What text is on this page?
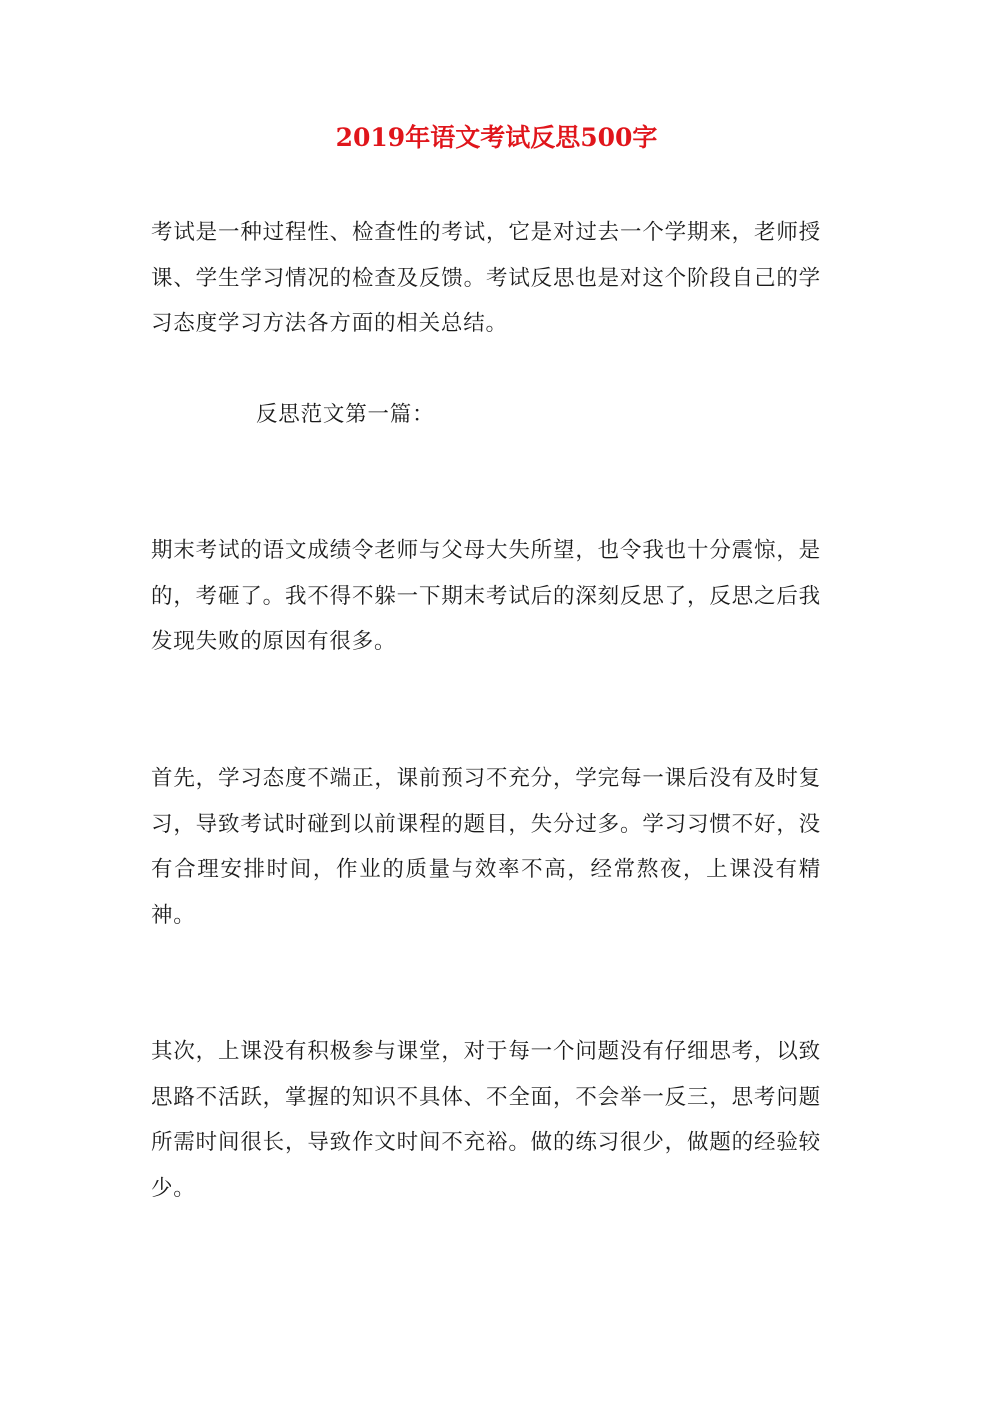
2019年语文考试反思500字

考试是一种过程性、检查性的考试，它是对过去一个学期来，老师授课、学生学习情况的检查及反馈。考试反思也是对这个阶段自己的学习态度学习方法各方面的相关总结。

反思范文第一篇：

期末考试的语文成绩令老师与父母大失所望，也令我也十分震惊，是的，考砸了。我不得不躲一下期末考试后的深刻反思了，反思之后我发现失败的原因有很多。

首先，学习态度不端正，课前预习不充分，学完每一课后没有及时复习，导致考试时碰到以前课程的题目，失分过多。学习习惯不好，没有合理安排时间，作业的质量与效率不高，经常熬夜，上课没有精神。

其次，上课没有积极参与课堂，对于每一个问题没有仔细思考，以致思路不活跃，掌握的知识不具体、不全面，不会举一反三，思考问题所需时间很长，导致作文时间不充裕。做的练习很少，做题的经验较少。
